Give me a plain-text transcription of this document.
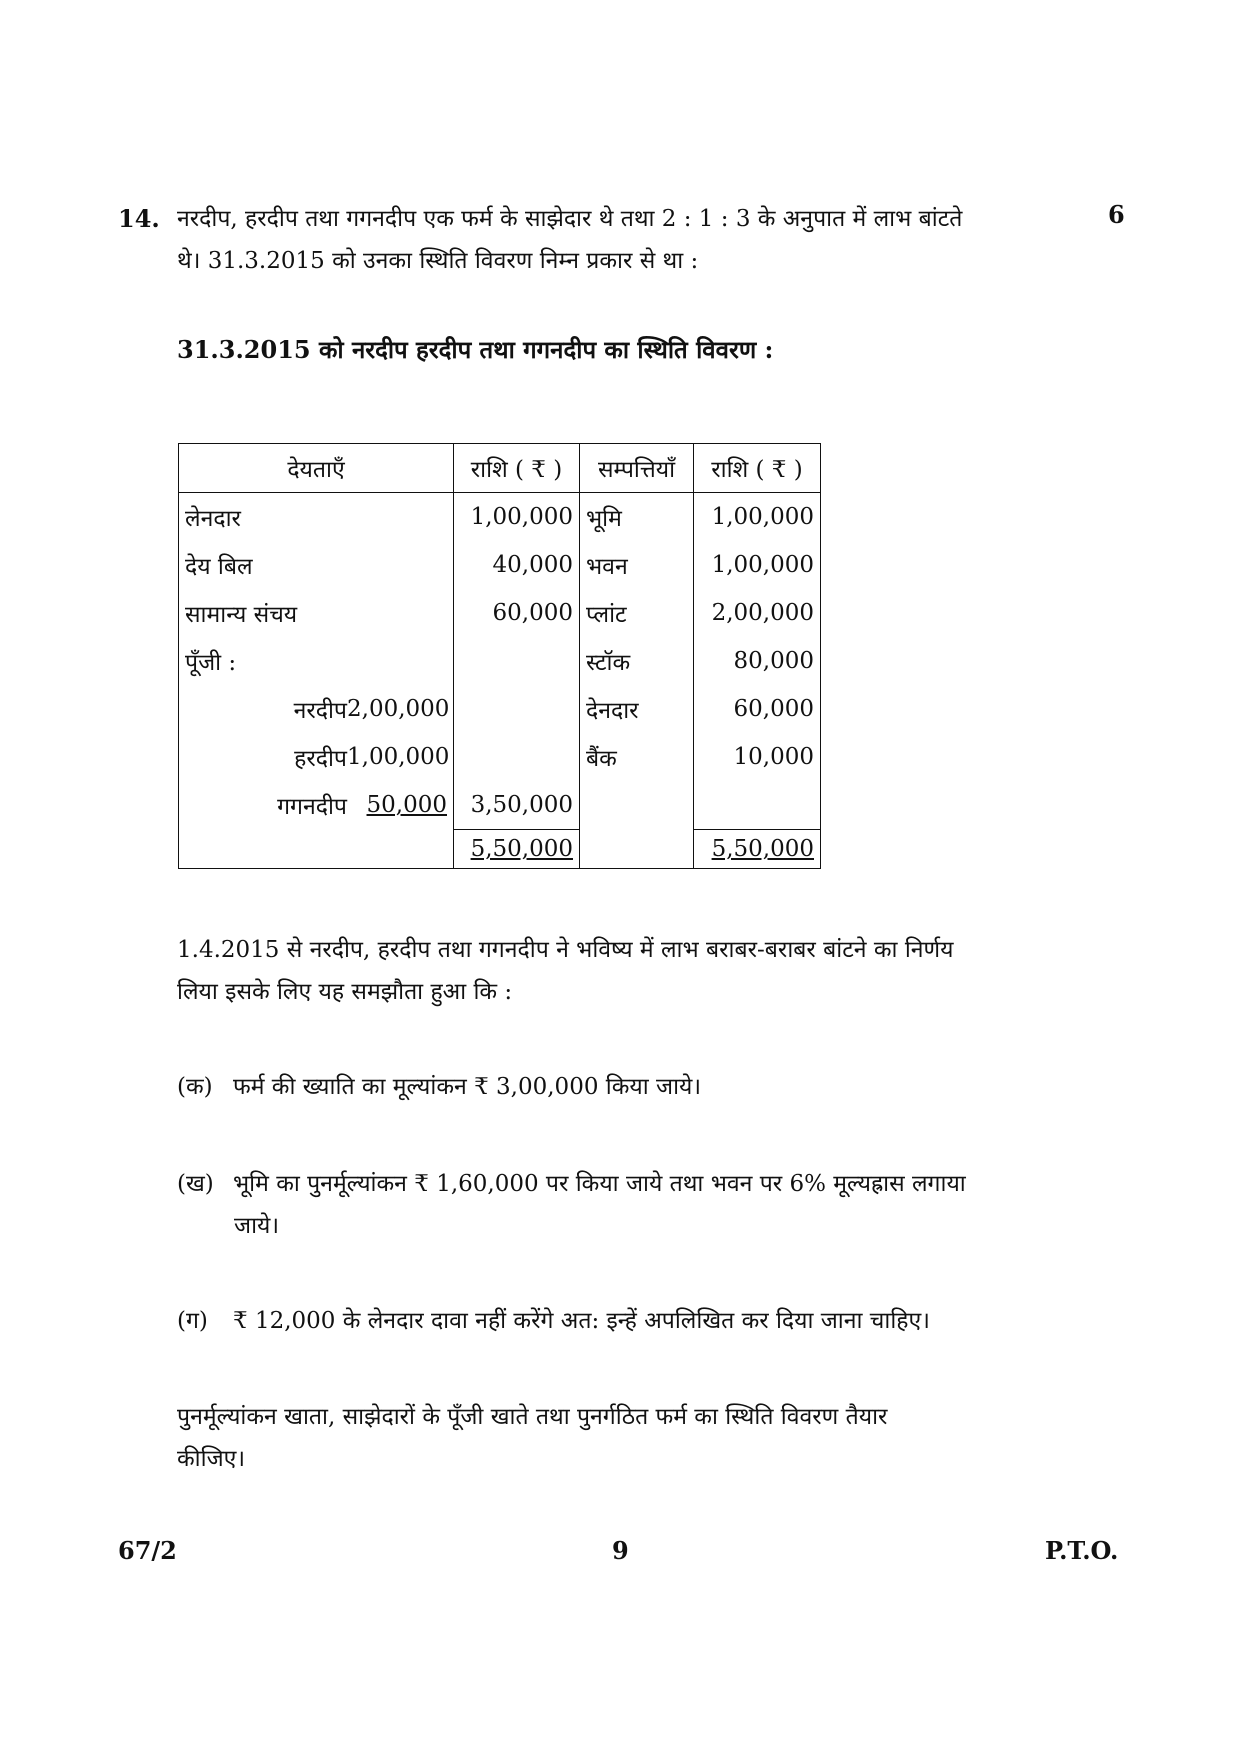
14.	6
नरदीप, हरदीप तथा गगनदीप एक फर्म के साझेदार थे तथा 2 : 1 : 3 के अनुपात में लाभ बांटते
थे। 31.3.2015 को उनका स्थिति विवरण निम्न प्रकार से था :
31.3.2015 को नरदीप हरदीप तथा गगनदीप का स्थिति विवरण :
देयताएँ	राशि ( ₹ )	सम्पत्तियाँ	राशि ( ₹ )
लेनदार	1,00,000	भूमि	1,00,000
देय बिल	40,000	भवन	1,00,000
सामान्य संचय	60,000	प्लांट	2,00,000
पूँजी :		स्टॉक	80,000

नरदीप 2,00,000		देनदार	60,000

हरदीप 1,00,000		बैंक	10,000

गगनदीप 50,000	3,50,000		
	5,50,000		5,50,000
1.4.2015 से नरदीप, हरदीप तथा गगनदीप ने भविष्य में लाभ बराबर-बराबर बांटने का निर्णय
लिया इसके लिए यह समझौता हुआ कि :
(क) फर्म की ख्याति का मूल्यांकन ₹ 3,00,000 किया जाये।
(ख) भूमि का पुनर्मूल्यांकन ₹ 1,60,000 पर किया जाये तथा भवन पर 6% मूल्यह्रास लगाया
जाये।
(ग) ₹ 12,000 के लेनदार दावा नहीं करेंगे अत: इन्हें अपलिखित कर दिया जाना चाहिए।
पुनर्मूल्यांकन खाता, साझेदारों के पूँजी खाते तथा पुनर्गठित फर्म का स्थिति विवरण तैयार
कीजिए।
67/2	9	P.T.O.
